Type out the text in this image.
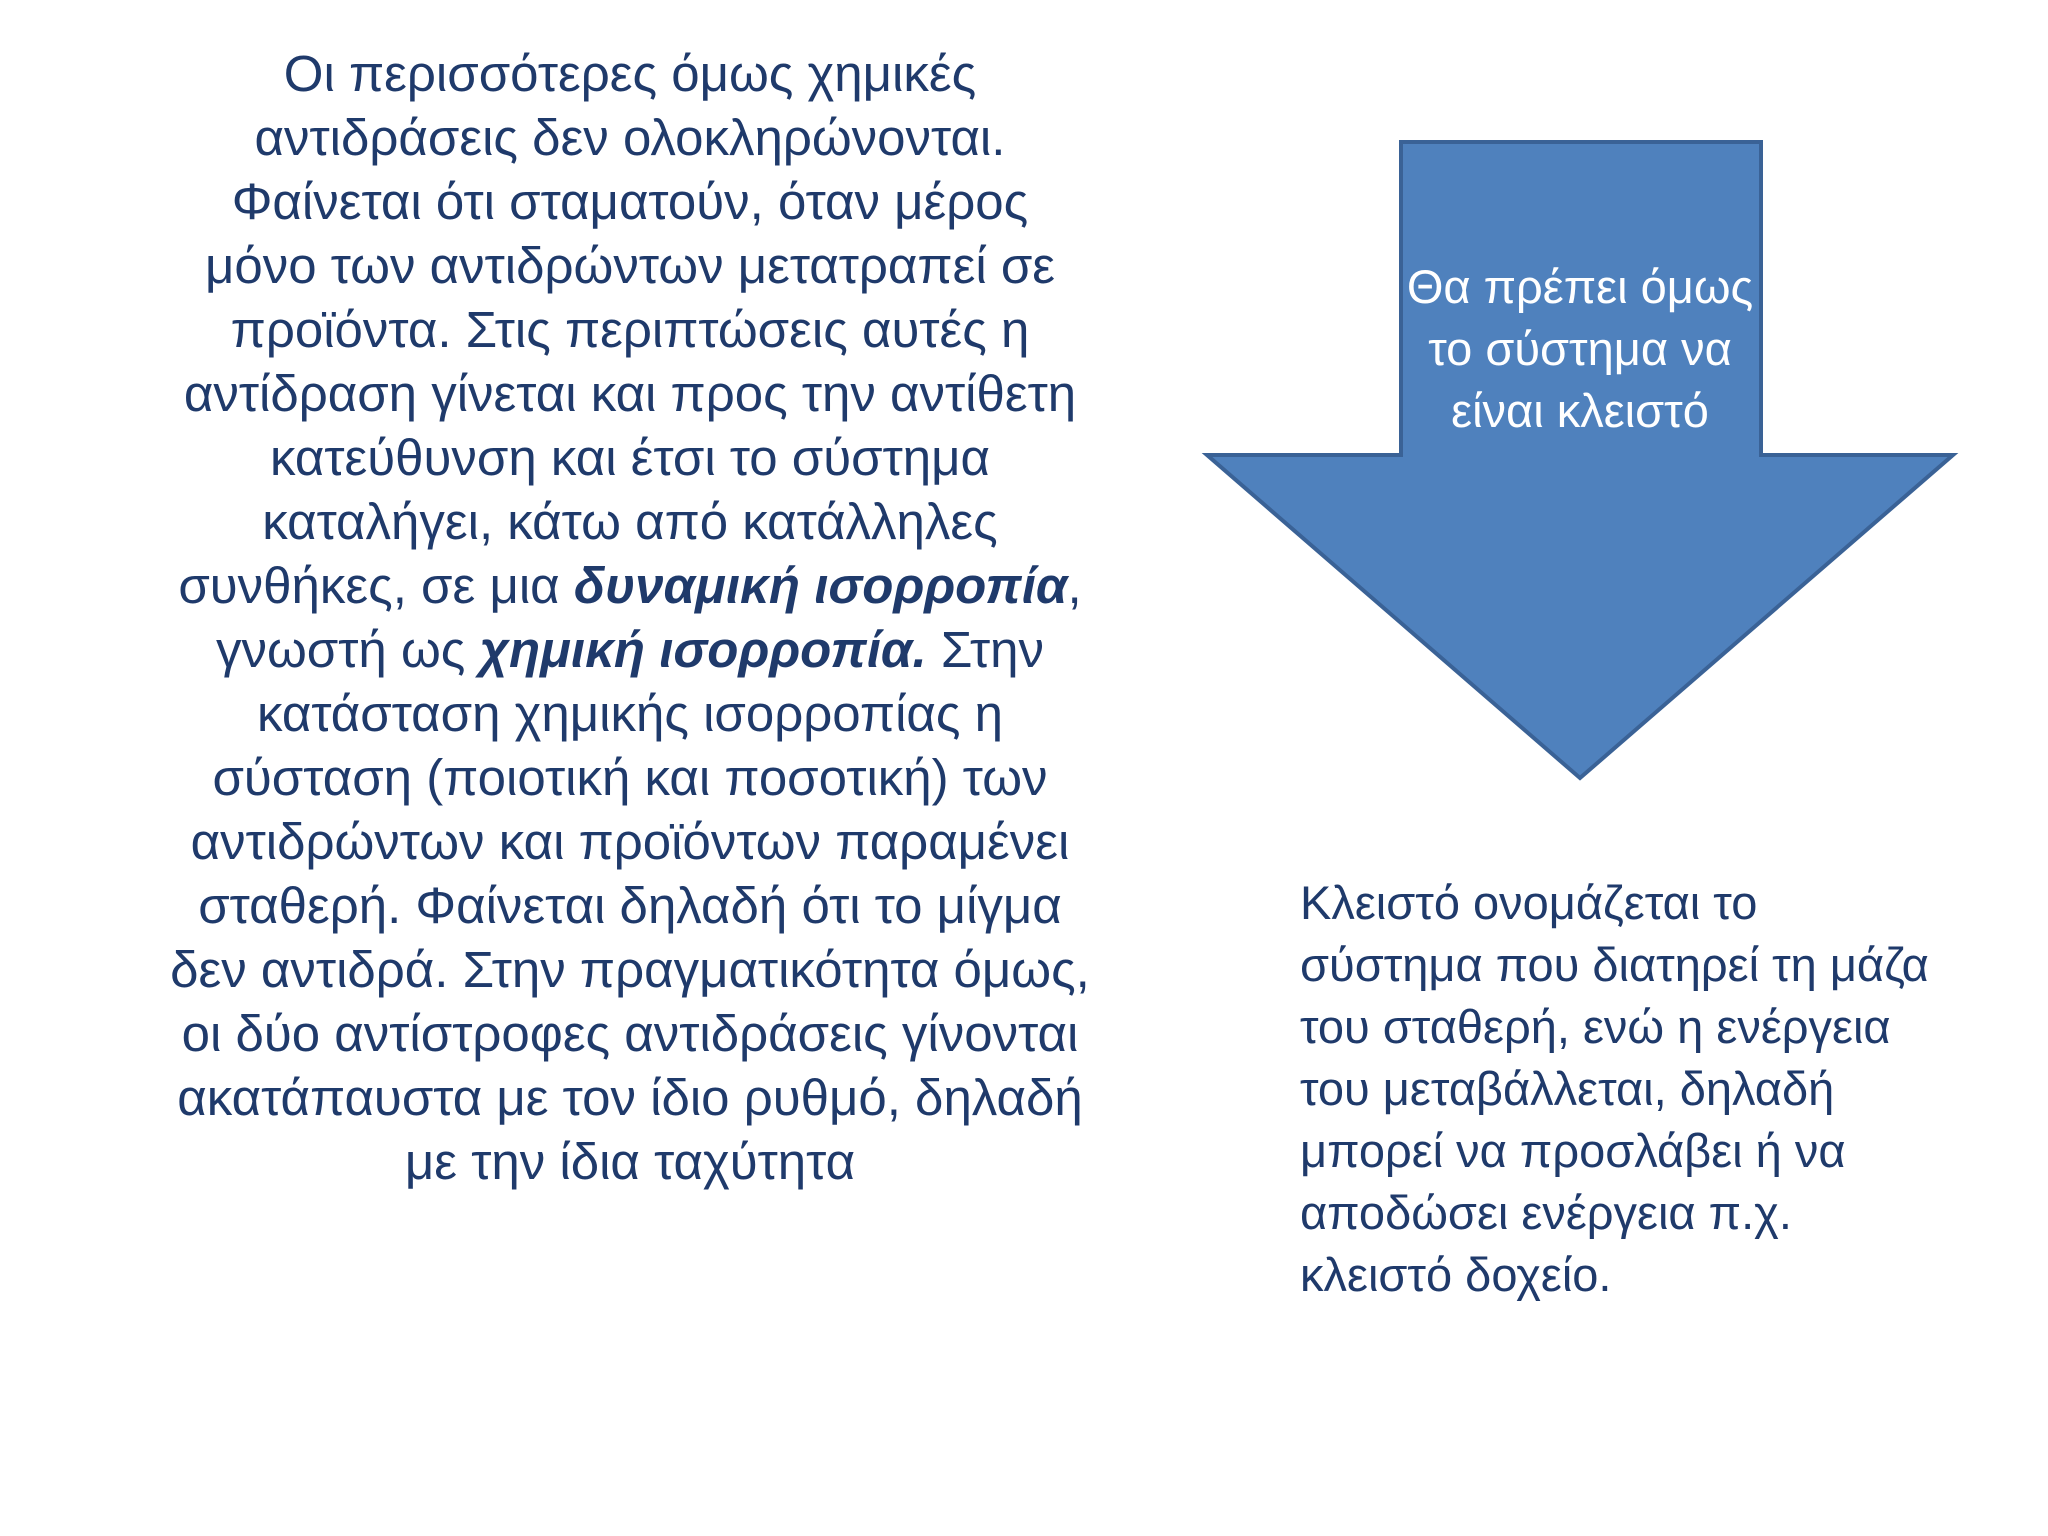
Οι περισσότερες όμως χημικές αντιδράσεις δεν ολοκληρώνονται. Φαίνεται ότι σταματούν, όταν μέρος μόνο των αντιδρώντων μετατραπεί σε προϊόντα. Στις περιπτώσεις αυτές η αντίδραση γίνεται και προς την αντίθετη κατεύθυνση και έτσι το σύστημα καταλήγει, κάτω από κατάλληλες συνθήκες, σε μια δυναμική ισορροπία, γνωστή ως χημική ισορροπία. Στην κατάσταση χημικής ισορροπίας η σύσταση (ποιοτική και ποσοτική) των αντιδρώντων και προϊόντων παραμένει σταθερή. Φαίνεται δηλαδή ότι το μίγμα δεν αντιδρά. Στην πραγματικότητα όμως, οι δύο αντίστροφες αντιδράσεις γίνονται ακατάπαυστα με τον ίδιο ρυθμό, δηλαδή με την ίδια ταχύτητα
Θα πρέπει όμως το σύστημα να είναι κλειστό
Κλειστό ονομάζεται το σύστημα που διατηρεί τη μάζα του σταθερή, ενώ η ενέργεια του μεταβάλλεται, δηλαδή μπορεί να προσλάβει ή να αποδώσει ενέργεια π.χ. κλειστό δοχείο.
